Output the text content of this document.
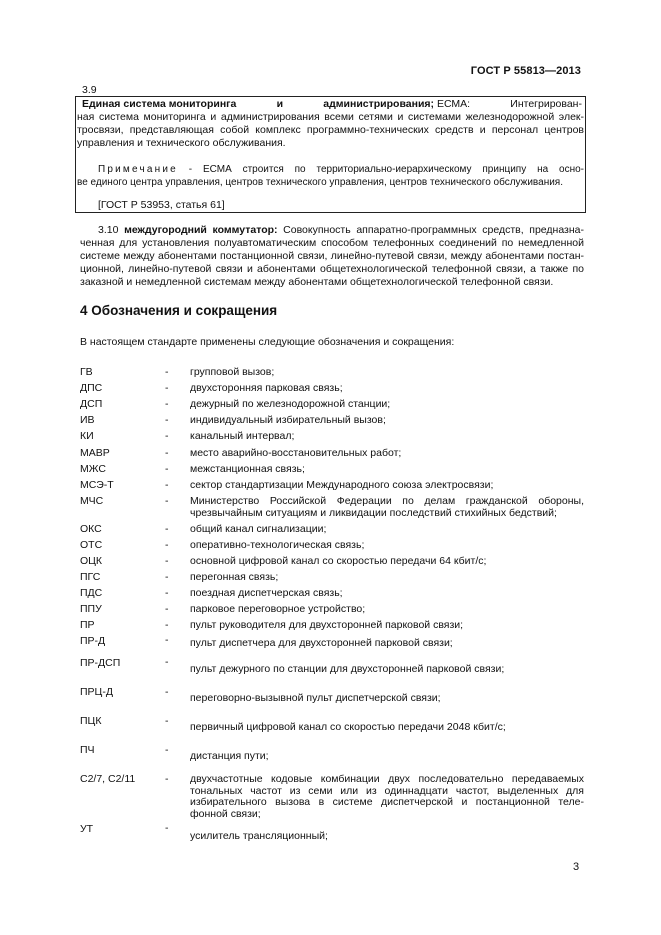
ГОСТ Р 55813—2013
3.9
Единая система мониторинга	и	администрирования; ЕСМА:	Интегрирован-

ная система мониторинга и администрирования всеми сетями и системами железнодорожной элек-

тросвязи, представляющая собой комплекс программно-технических средств и персонал центров

управления и технического обслуживания.

Примечание - ЕСМА строится по территориально-иерархическому принципу на осно-

ве единого центра управления, центров технического управления, центров технического обслуживания.

[ГОСТ Р 53953, статья 61]

3.10 междугородний коммутатор: Совокупность аппаратно-программных средств, предназна-

ченная для установления полуавтоматическим способом телефонных соединений по немедленной

системе между абонентами постанционной связи, линейно-путевой связи, между абонентами постан-

ционной, линейно-путевой связи и абонентами общетехнологической телефонной связи, а также по

заказной и немедленной системам между абонентами общетехнологической телефонной связи.

4 Обозначения и сокращения

В настоящем стандарте применены следующие обозначения и сокращения:

ГВ	- групповой вызов;

ДПС	- двухсторонняя парковая связь;

ДСП	- дежурный по железнодорожной станции;

ИВ	- индивидуальный избирательный вызов;

КИ	- канальный интервал;

МАВР	- место аварийно-восстановительных работ;

МЖС	- межстанционная связь;

МСЭ-Т	- сектор стандартизации Международного союза электросвязи;

МЧС	- Министерство Российской Федерации по делам гражданской обороны,

чрезвычайным ситуациям и ликвидации последствий стихийных бедствий;

ОКС	- общий канал сигнализации;

ОТС	- оперативно-технологическая связь;

ОЦК	- основной цифровой канал со скоростью передачи 64 кбит/с;

ПГС	- перегонная связь;

ПДС	- поездная диспетчерская связь;

ППУ	- парковое переговорное устройство;

ПР	- пульт руководителя для двухсторонней парковой связи;

ПР-Д	- пульт диспетчера для двухсторонней парковой связи;

ПР-ДСП	-

пульт дежурного по станции для двухсторонней парковой связи;

ПРЦ-Д	- переговорно-вызывной пульт диспетчерской связи;

ПЦК	- первичный цифровой канал со скоростью передачи 2048 кбит/с;

ПЧ	- дистанция пути;

С2/7, С2/11	- двухчастотные кодовые комбинации двух последовательно передаваемых

тональных частот из семи или из одиннадцати частот, выделенных для

избирательного вызова в системе диспетчерской и постанционной теле-

фонной связи;

УТ	-

усилитель трансляционный;

3
